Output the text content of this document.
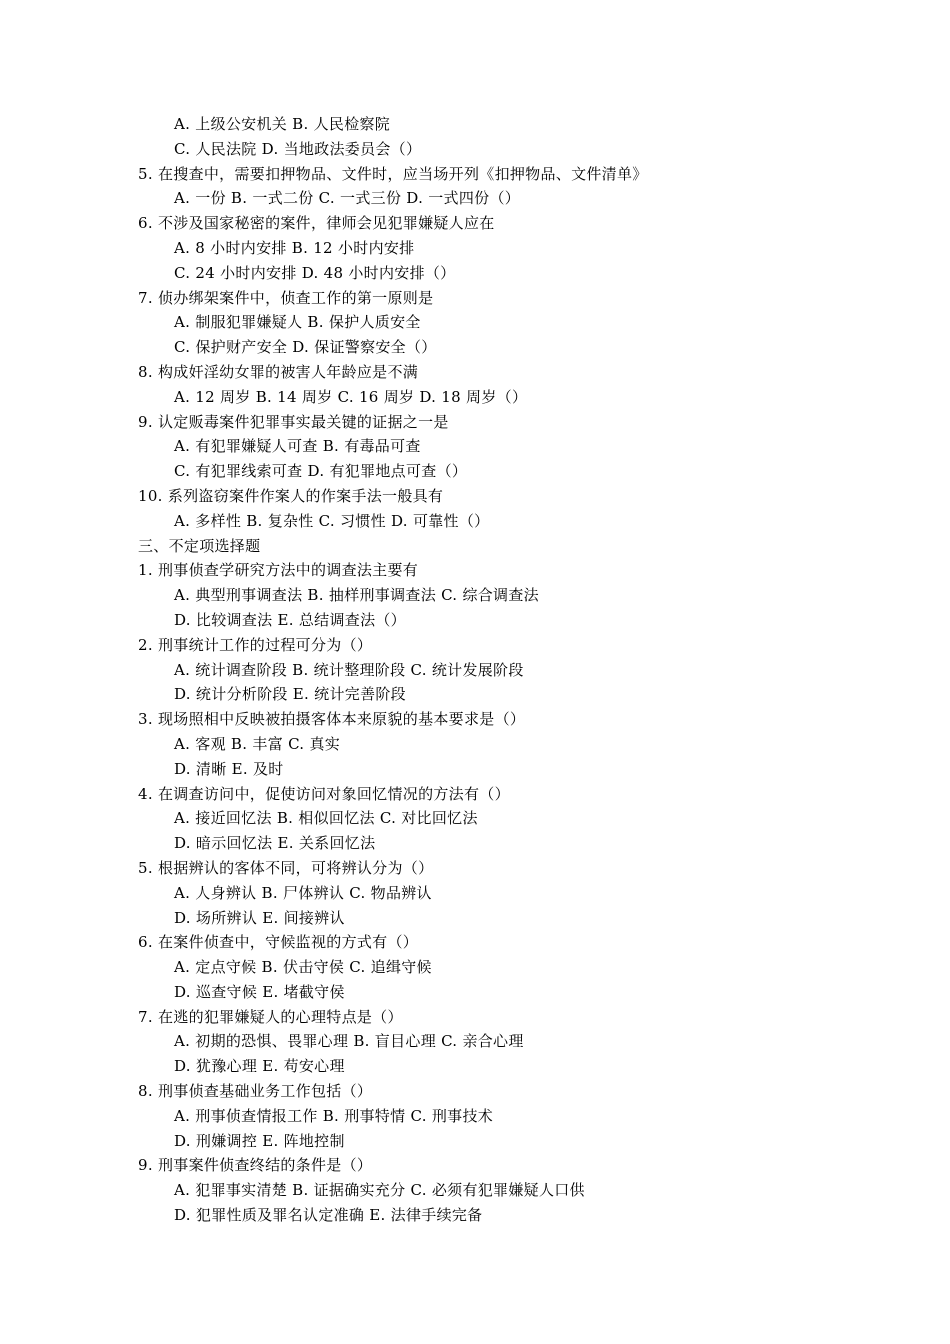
A. 上级公安机关 B. 人民检察院
C. 人民法院 D. 当地政法委员会（）
5. 在搜查中，需要扣押物品、文件时，应当场开列《扣押物品、文件清单》
A. 一份 B. 一式二份 C. 一式三份 D. 一式四份（）
6. 不涉及国家秘密的案件，律师会见犯罪嫌疑人应在
A. 8 小时内安排 B. 12 小时内安排
C. 24 小时内安排 D. 48 小时内安排（）
7. 侦办绑架案件中，侦查工作的第一原则是
A. 制服犯罪嫌疑人 B. 保护人质安全
C. 保护财产安全 D. 保证警察安全（）
8. 构成奸淫幼女罪的被害人年龄应是不满
A. 12 周岁 B. 14 周岁 C. 16 周岁 D. 18 周岁（）
9. 认定贩毒案件犯罪事实最关键的证据之一是
A. 有犯罪嫌疑人可查 B. 有毒品可查
C. 有犯罪线索可查 D. 有犯罪地点可查（）
10. 系列盗窃案件作案人的作案手法一般具有
A. 多样性 B. 复杂性 C. 习惯性 D. 可靠性（）
三、不定项选择题
1. 刑事侦查学研究方法中的调查法主要有
A. 典型刑事调查法 B. 抽样刑事调查法 C. 综合调查法
D. 比较调查法 E. 总结调查法（）
2. 刑事统计工作的过程可分为（）
A. 统计调查阶段 B. 统计整理阶段 C. 统计发展阶段
D. 统计分析阶段 E. 统计完善阶段
3. 现场照相中反映被拍摄客体本来原貌的基本要求是（）
A. 客观 B. 丰富 C. 真实
D. 清晰 E. 及时
4. 在调查访问中，促使访问对象回忆情况的方法有（）
A. 接近回忆法 B. 相似回忆法 C. 对比回忆法
D. 暗示回忆法 E. 关系回忆法
5. 根据辨认的客体不同，可将辨认分为（）
A. 人身辨认 B. 尸体辨认 C. 物品辨认
D. 场所辨认 E. 间接辨认
6. 在案件侦查中，守候监视的方式有（）
A. 定点守候 B. 伏击守侯 C. 追缉守候
D. 巡查守候 E. 堵截守侯
7. 在逃的犯罪嫌疑人的心理特点是（）
A. 初期的恐惧、畏罪心理 B. 盲目心理 C. 亲合心理
D. 犹豫心理 E. 苟安心理
8. 刑事侦查基础业务工作包括（）
A. 刑事侦查情报工作 B. 刑事特情 C. 刑事技术
D. 刑嫌调控 E. 阵地控制
9. 刑事案件侦查终结的条件是（）
A. 犯罪事实清楚 B. 证据确实充分 C. 必须有犯罪嫌疑人口供
D. 犯罪性质及罪名认定准确 E. 法律手续完备
